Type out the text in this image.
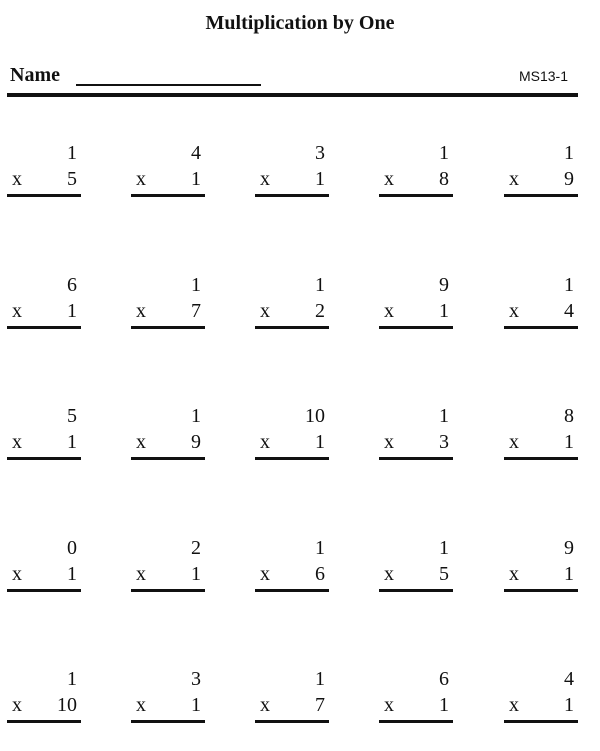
Multiplication by One
Name	MS13-1
1
x 5
4
x 1
3
x 1
1
x 8
1
x 9
6
x 1
1
x 7
1
x 2
9
x 1
1
x 4
5
x 1
1
x 9
10
x 1
1
x 3
8
x 1
0
x 1
2
x 1
1
x 6
1
x 5
9
x 1
1
x 10
3
x 1
1
x 7
6
x 1
4
x 1
